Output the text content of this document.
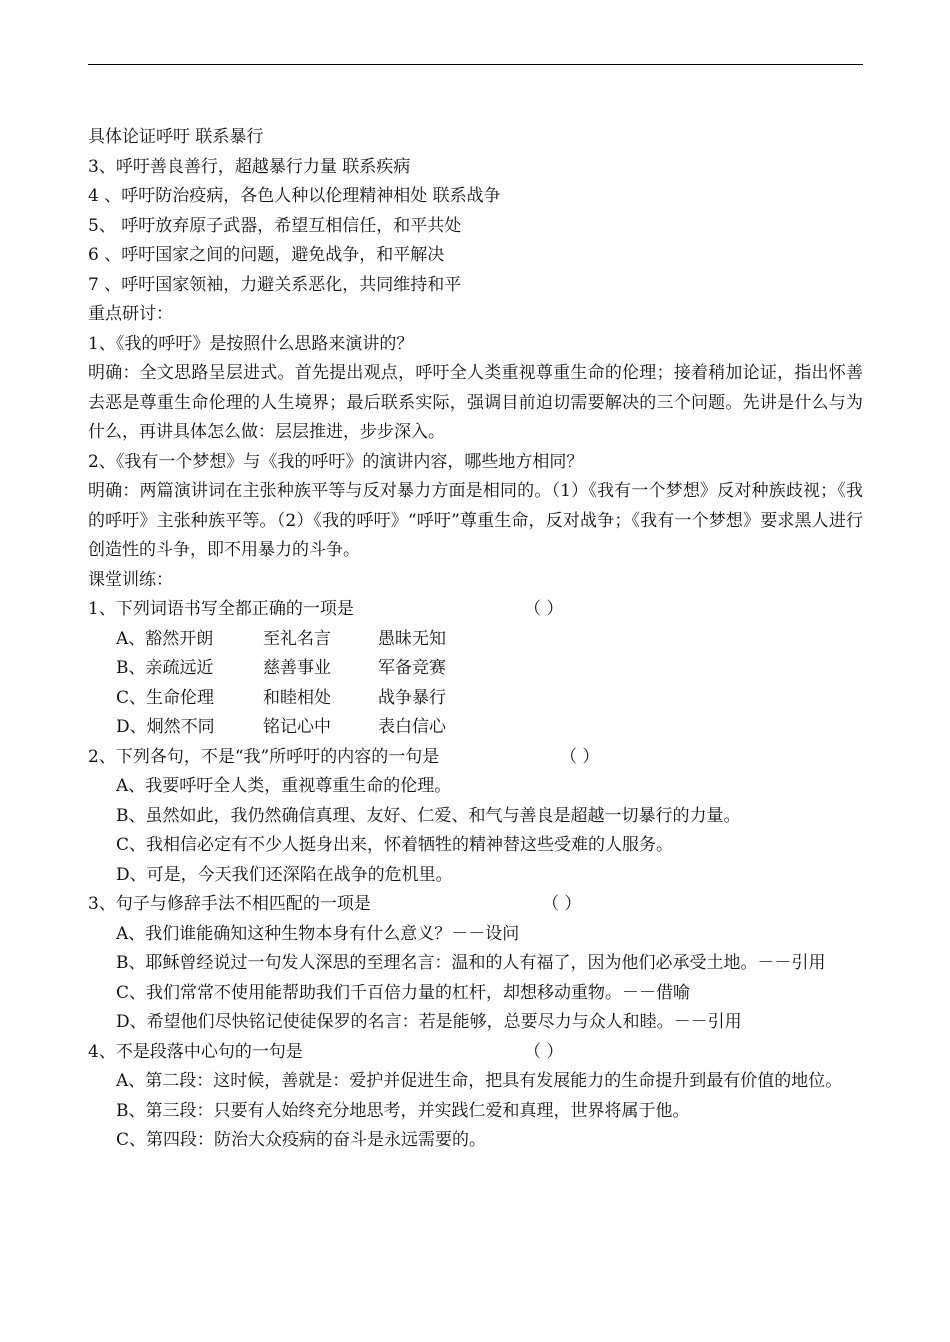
具体论证呼吁 联系暴行
3、呼吁善良善行，超越暴行力量 联系疾病
4 、呼吁防治疫病，各色人种以伦理精神相处 联系战争
5、 呼吁放弃原子武器，希望互相信任，和平共处
6 、呼吁国家之间的问题，避免战争，和平解决
7 、呼吁国家领袖，力避关系恶化，共同维持和平
重点研讨：
1、《我的呼吁》是按照什么思路来演讲的？
明确：全文思路呈层进式。首先提出观点，呼吁全人类重视尊重生命的伦理；接着稍加论证，指出怀善去恶是尊重生命伦理的人生境界；最后联系实际，强调目前迫切需要解决的三个问题。先讲是什么与为什么，再讲具体怎么做：层层推进，步步深入。
2、《我有一个梦想》与《我的呼吁》的演讲内容，哪些地方相同？
明确：两篇演讲词在主张种族平等与反对暴力方面是相同的。（1）《我有一个梦想》反对种族歧视；《我的呼吁》主张种族平等。（2）《我的呼吁》“呼吁”尊重生命，反对战争；《我有一个梦想》要求黑人进行创造性的斗争，即不用暴力的斗争。
课堂训练：
1、下列词语书写全都正确的一项是	（ ）
A、豁然开朗	至礼名言	愚昧无知
B、亲疏远近	慈善事业	军备竞赛
C、生命伦理	和睦相处	战争暴行
D、炯然不同	铭记心中	表白信心
2、下列各句，不是“我”所呼吁的内容的一句是	（ ）
A、我要呼吁全人类，重视尊重生命的伦理。
B、虽然如此，我仍然确信真理、友好、仁爱、和气与善良是超越一切暴行的力量。
C、我相信必定有不少人挺身出来，怀着牺牲的精神替这些受难的人服务。
D、可是，今天我们还深陷在战争的危机里。
3、句子与修辞手法不相匹配的一项是	（ ）
A、我们谁能确知这种生物本身有什么意义？－－设问
B、耶稣曾经说过一句发人深思的至理名言：温和的人有福了，因为他们必承受土地。－－引用
C、我们常常不使用能帮助我们千百倍力量的杠杆，却想移动重物。－－借喻
D、希望他们尽快铭记使徒保罗的名言：若是能够，总要尽力与众人和睦。－－引用
4、不是段落中心句的一句是	（ ）
A、第二段：这时候，善就是：爱护并促进生命，把具有发展能力的生命提升到最有价值的地位。
B、第三段：只要有人始终充分地思考，并实践仁爱和真理，世界将属于他。
C、第四段：防治大众疫病的奋斗是永远需要的。
